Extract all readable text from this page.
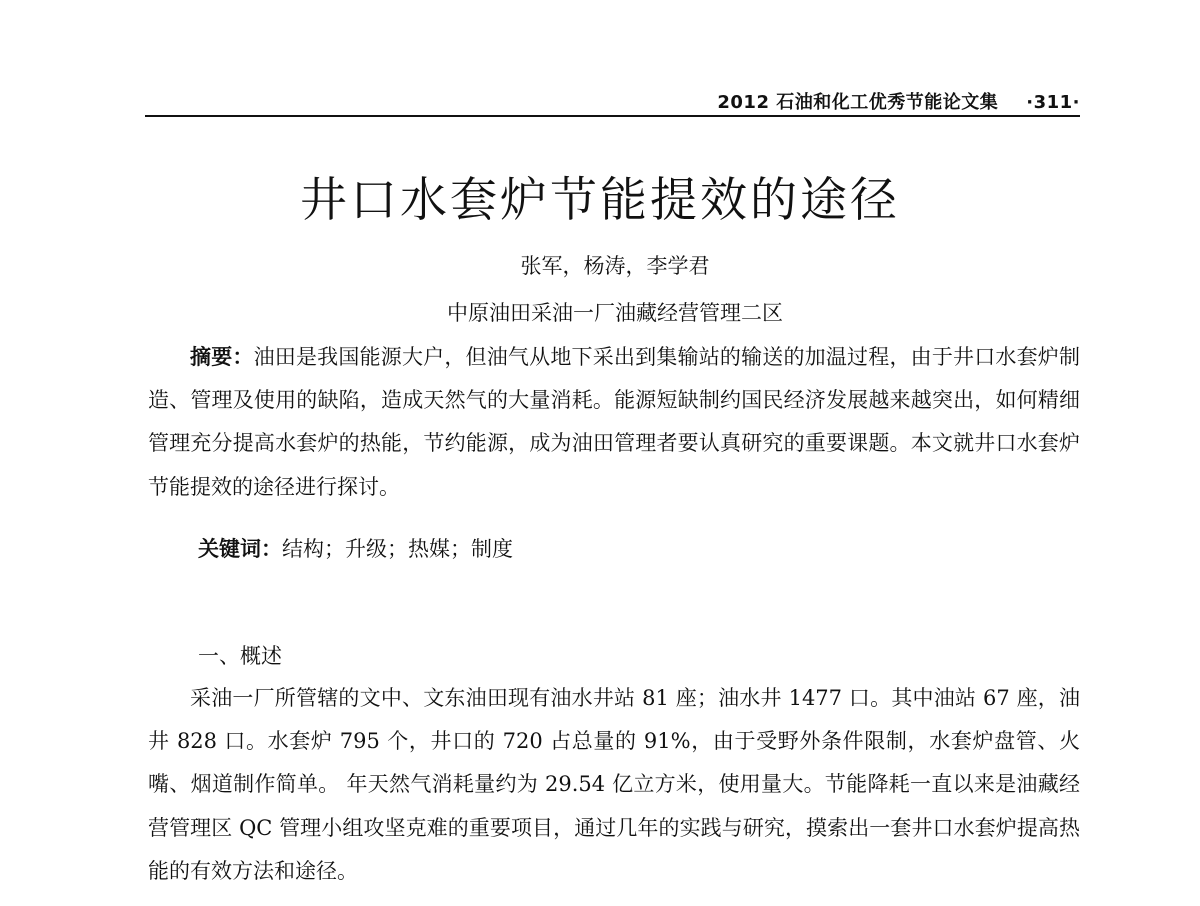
2012 石油和化工优秀节能论文集 ·311·
井口水套炉节能提效的途径
张军，杨涛，李学君
中原油田采油一厂油藏经营管理二区

摘要：油田是我国能源大户，但油气从地下采出到集输站的输送的加温过程，由于井口水套炉制造、管理及使用的缺陷，造成天然气的大量消耗。能源短缺制约国民经济发展越来越突出，如何精细管理充分提高水套炉的热能，节约能源，成为油田管理者要认真研究的重要课题。本文就井口水套炉节能提效的途径进行探讨。

关键词：结构；升级；热媒；制度
一、概述

采油一厂所管辖的文中、文东油田现有油水井站 81 座；油水井 1477 口。其中油站 67 座，油井 828 口。水套炉 795 个，井口的 720 占总量的 91%，由于受野外条件限制，水套炉盘管、火嘴、烟道制作简单。 年天然气消耗量约为 29.54 亿立方米，使用量大。节能降耗一直以来是油藏经营管理区 QC 管理小组攻坚克难的重要项目，通过几年的实践与研究，摸索出一套井口水套炉提高热能的有效方法和途径。
